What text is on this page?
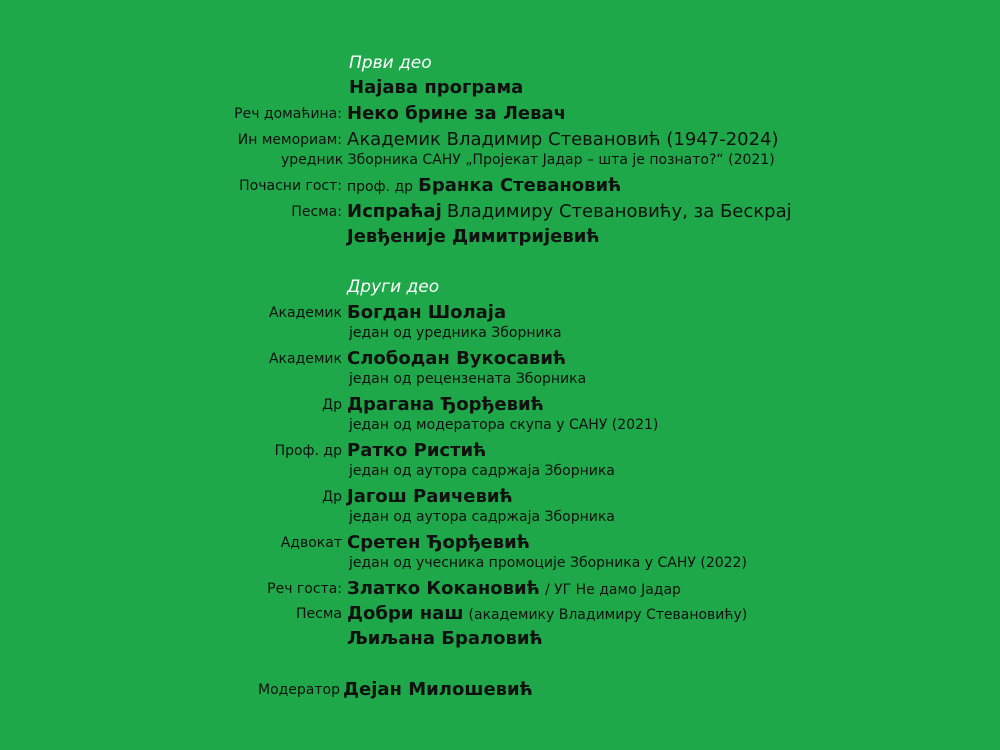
Први део
Најава програма
Реч домаћина: Неко брине за Левач
Ин мемориам: Академик Владимир Стевановић (1947-2024)
уредник Зборника САНУ „Пројекат Јадар – шта је познато?“ (2021)
Почасни гост: проф. др Бранка Стевановић
Песма: Испраћај Владимиру Стевановићу, за Бескрај
Јевђеније Димитријевић
Други део
Академик Богдан Шолаја
један од уредника Зборника
Академик Слободан Вукосавић
један од рецензената Зборника
Др Драгана Ђорђевић
један од модератора скупа у САНУ (2021)
Проф. др Ратко Ристић
један од аутора садржаја Зборника
Др Јагош Раичевић
један од аутора садржаја Зборника
Адвокат Сретен Ђорђевић
један од учесника промоције Зборника у САНУ (2022)
Реч госта: Златко Кокановић / УГ Не дамо Јадар
Песма Добри наш (академику Владимиру Стевановићу)
Љиљана Браловић
Модератор Дејан Милошевић
